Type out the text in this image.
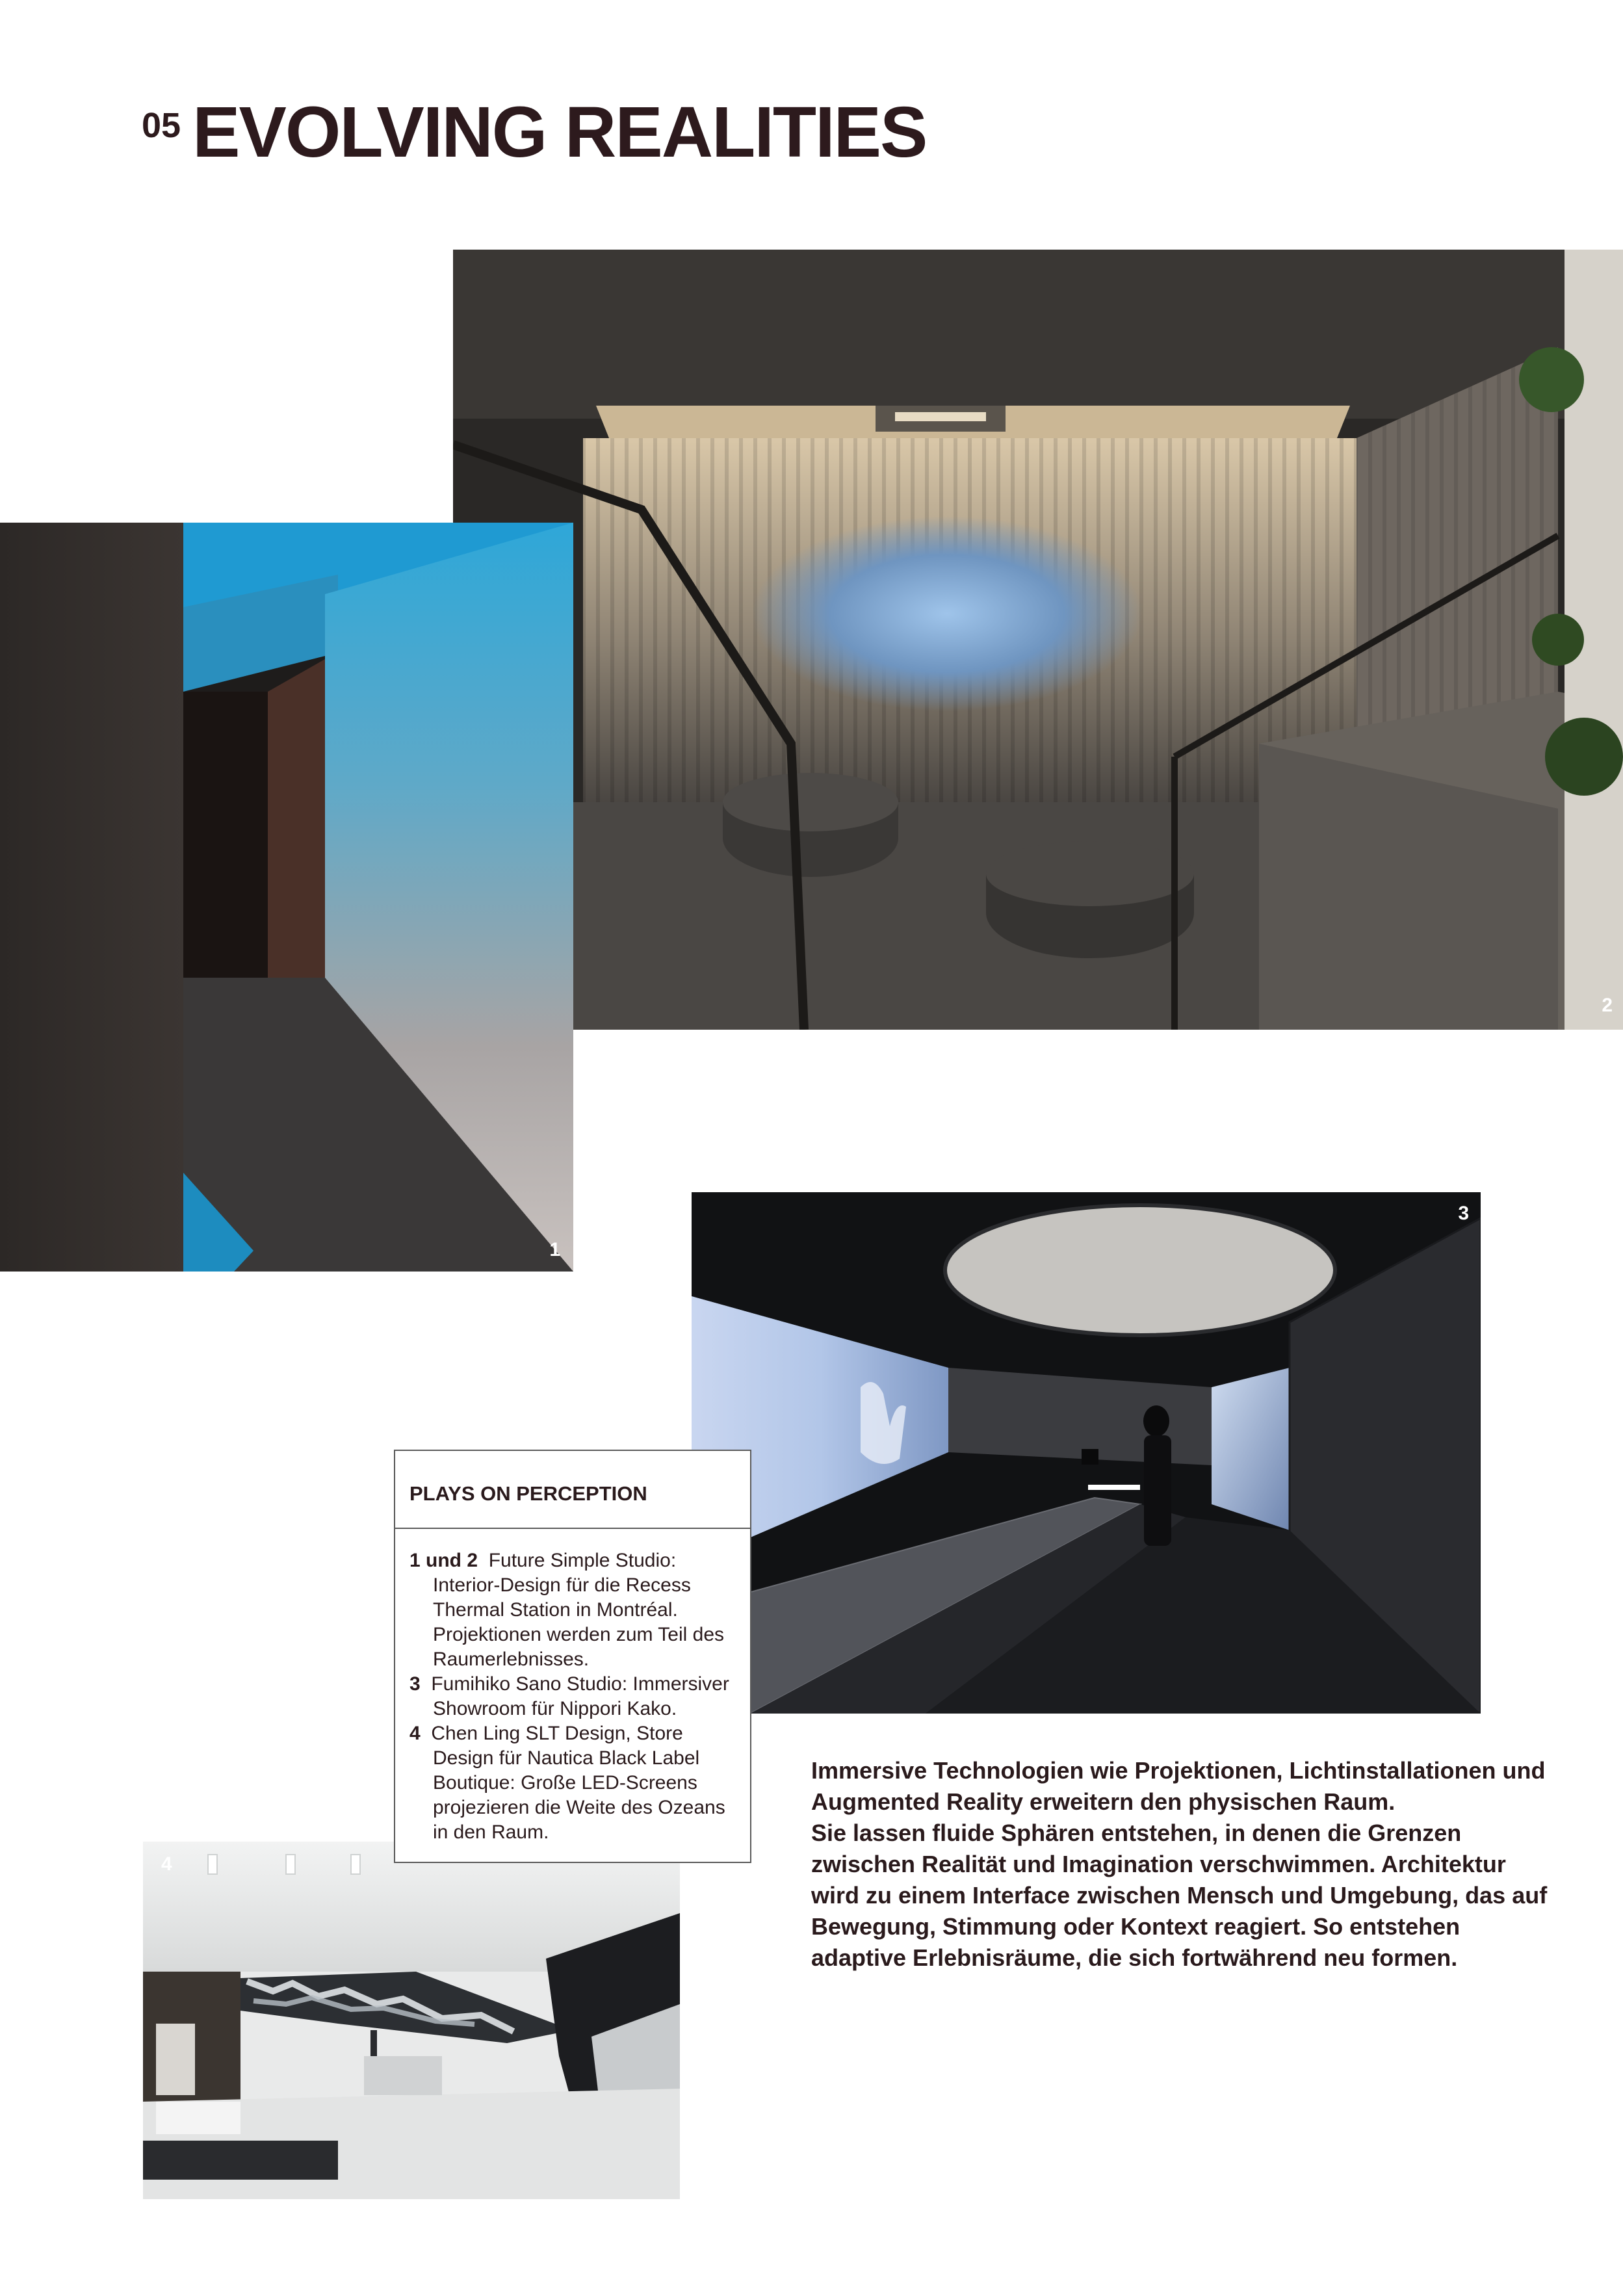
05 EVOLVING REALITIES
2
1
3
4
PLAYS ON PERCEPTION
1 und 2 Future Simple Studio: Interior-Design für die Recess Thermal Station in Montréal. Projektionen werden zum Teil des Raumerlebnisses.
3 Fumihiko Sano Studio: Immersiver Showroom für Nippori Kako.
4 Chen Ling SLT Design, Store Design für Nautica Black Label Boutique: Große LED-Screens projezieren die Weite des Ozeans in den Raum.

Immersive Technologien wie Projektionen, Lichtinstallationen und Augmented Reality erweitern den physischen Raum.

Sie lassen fluide Sphären entstehen, in denen die Grenzen zwischen Realität und Imagination verschwimmen. Architektur wird zu einem Interface zwischen Mensch und Umgebung, das auf Bewegung, Stimmung oder Kontext reagiert. So entstehen adaptive Erlebnisräume, die sich fortwährend neu formen.
